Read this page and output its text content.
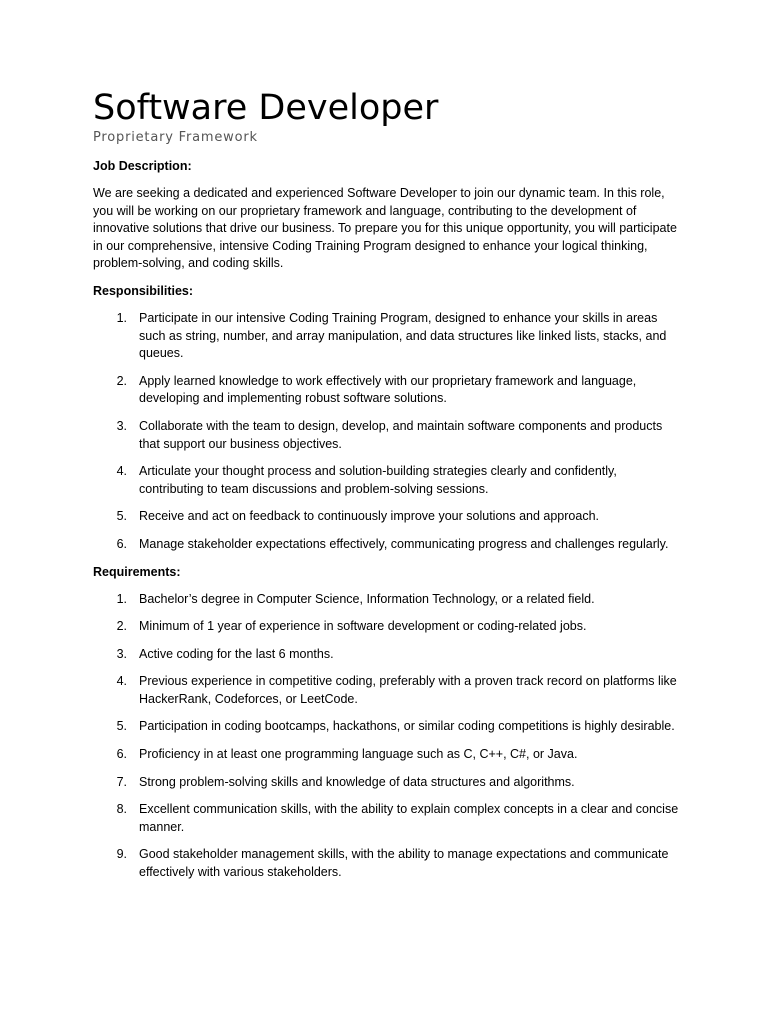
Software Developer
Proprietary Framework
Job Description:

We are seeking a dedicated and experienced Software Developer to join our dynamic team. In this role, you will be working on our proprietary framework and language, contributing to the development of innovative solutions that drive our business. To prepare you for this unique opportunity, you will participate in our comprehensive, intensive Coding Training Program designed to enhance your logical thinking, problem-solving, and coding skills.

Responsibilities:
1. Participate in our intensive Coding Training Program, designed to enhance your skills in areas such as string, number, and array manipulation, and data structures like linked lists, stacks, and queues.
2. Apply learned knowledge to work effectively with our proprietary framework and language, developing and implementing robust software solutions.
3. Collaborate with the team to design, develop, and maintain software components and products that support our business objectives.
4. Articulate your thought process and solution-building strategies clearly and confidently, contributing to team discussions and problem-solving sessions.
5. Receive and act on feedback to continuously improve your solutions and approach.
6. Manage stakeholder expectations effectively, communicating progress and challenges regularly.
Requirements:
1. Bachelor’s degree in Computer Science, Information Technology, or a related field.
2. Minimum of 1 year of experience in software development or coding-related jobs.
3. Active coding for the last 6 months.
4. Previous experience in competitive coding, preferably with a proven track record on platforms like HackerRank, Codeforces, or LeetCode.
5. Participation in coding bootcamps, hackathons, or similar coding competitions is highly desirable.
6. Proficiency in at least one programming language such as C, C++, C#, or Java.
7. Strong problem-solving skills and knowledge of data structures and algorithms.
8. Excellent communication skills, with the ability to explain complex concepts in a clear and concise manner.
9. Good stakeholder management skills, with the ability to manage expectations and communicate effectively with various stakeholders.
